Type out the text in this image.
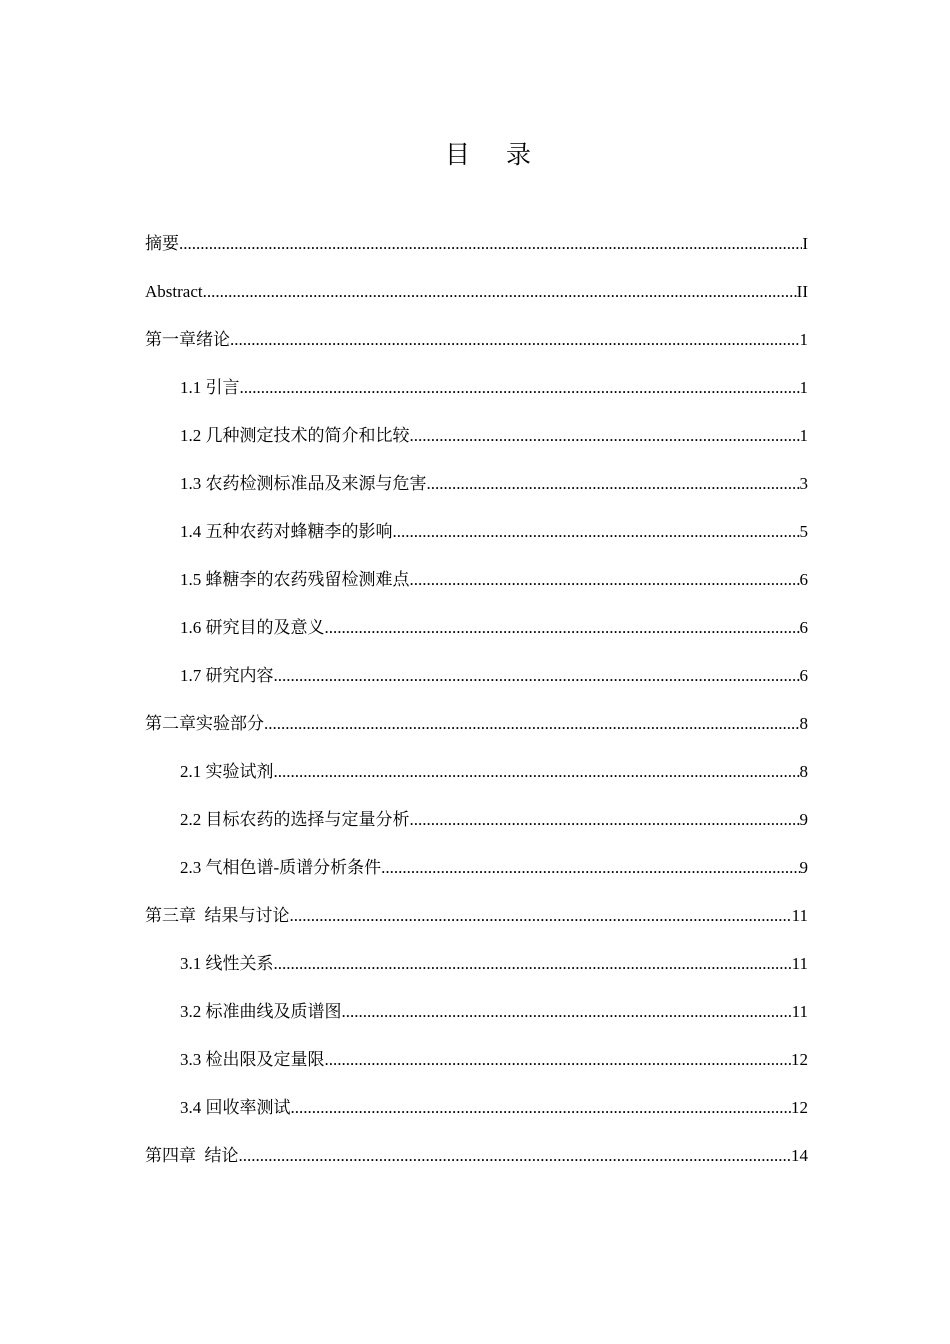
目 录
摘要 .....	I
Abstract .....	II
第一章绪论 .....	1
1.1 引言 .....	1
1.2 几种测定技术的简介和比较 .....	1
1.3 农药检测标准品及来源与危害 .....	3
1.4 五种农药对蜂糖李的影响 .....	5
1.5 蜂糖李的农药残留检测难点 .....	6
1.6 研究目的及意义 .....	6
1.7 研究内容 .....	6
第二章实验部分 .....	8
2.1 实验试剂 .....	8
2.2 目标农药的选择与定量分析 .....	9
2.3 气相色谱-质谱分析条件 .....	9
第三章  结果与讨论 .....	11
3.1 线性关系 .....	11
3.2 标准曲线及质谱图 .....	11
3.3 检出限及定量限 .....	12
3.4 回收率测试 .....	12
第四章  结论 .....	14
